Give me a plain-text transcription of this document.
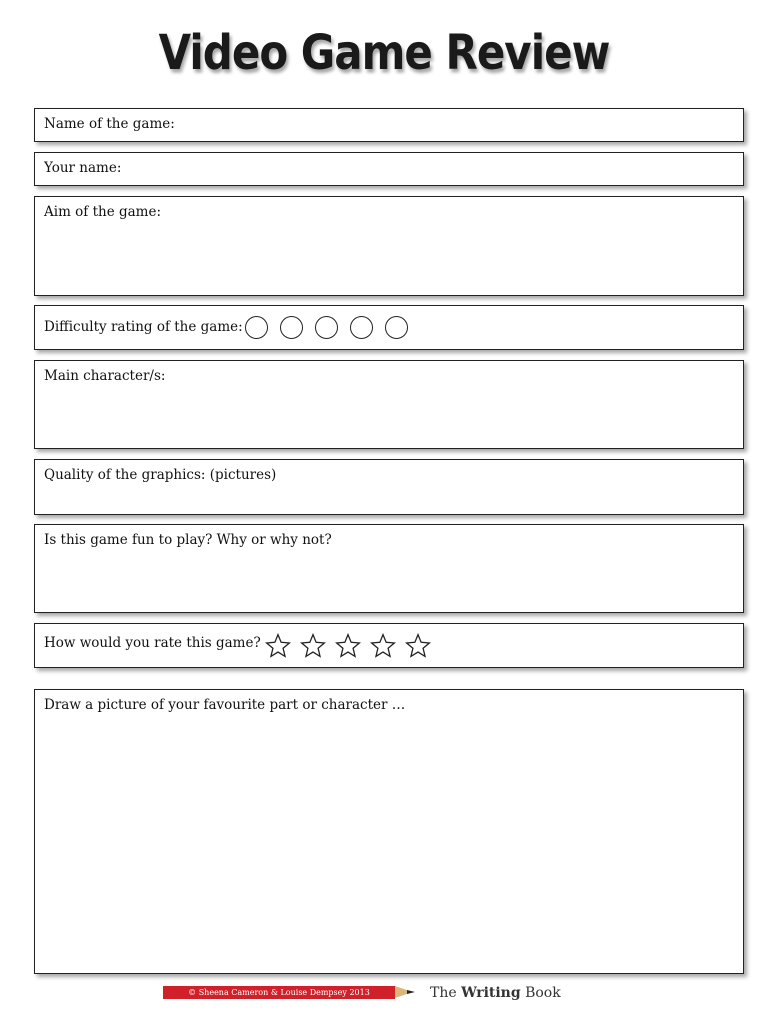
Video Game Review
Name of the game:
Your name:
Aim of the game:
Difficulty rating of the game:
Main character/s:
Quality of the graphics: (pictures)
Is this game fun to play? Why or why not?
How would you rate this game?
Draw a picture of your favourite part or character …
© Sheena Cameron & Louise Dempsey 2013	The Writing Book
